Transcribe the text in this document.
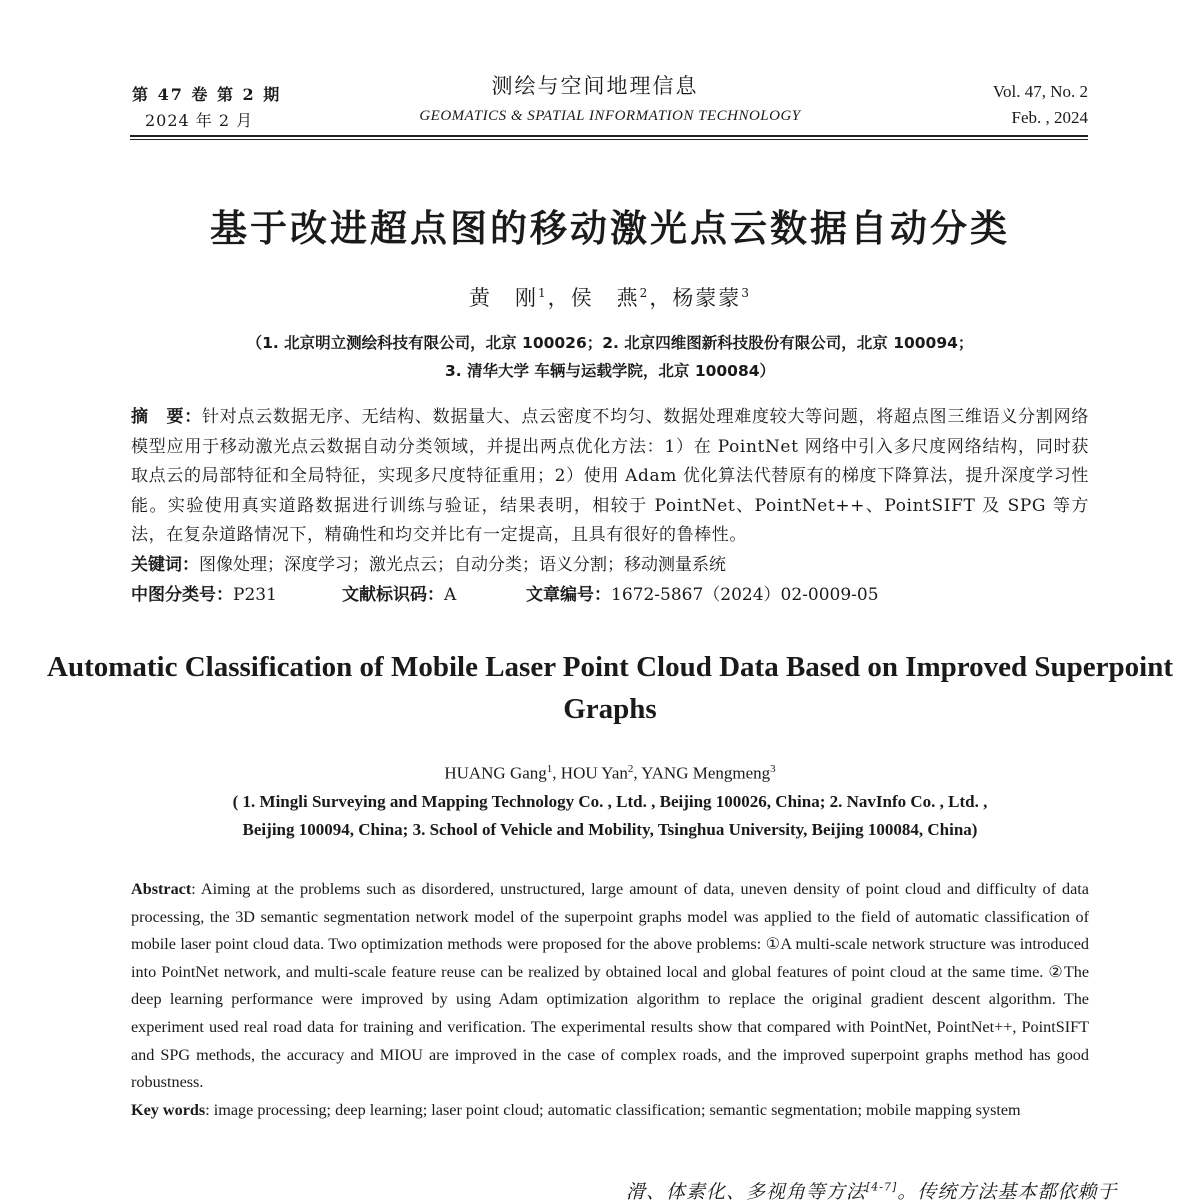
第 47 卷 第 2 期
2024 年 2 月
测绘与空间地理信息
GEOMATICS & SPATIAL INFORMATION TECHNOLOGY
Vol. 47, No. 2
Feb. , 2024
基于改进超点图的移动激光点云数据自动分类
黄　刚$^1$，侯　燕$^2$，杨蒙蒙$^3$
（1. 北京明立测绘科技有限公司，北京 100026；2. 北京四维图新科技股份有限公司，北京 100094；
3. 清华大学 车辆与运载学院，北京 100084）
摘　要：针对点云数据无序、无结构、数据量大、点云密度不均匀、数据处理难度较大等问题，将超点图三维语义分割网络模型应用于移动激光点云数据自动分类领域，并提出两点优化方法：1）在 PointNet 网络中引入多尺度网络结构，同时获取点云的局部特征和全局特征，实现多尺度特征重用；2）使用 Adam 优化算法代替原有的梯度下降算法，提升深度学习性能。实验使用真实道路数据进行训练与验证，结果表明，相较于 PointNet、PointNet++、PointSIFT 及 SPG 等方法，在复杂道路情况下，精确性和均交并比有一定提高，且具有很好的鲁棒性。
关键词：图像处理；深度学习；激光点云；自动分类；语义分割；移动测量系统
中图分类号：P231	文献标识码：A	文章编号：1672-5867（2024）02-0009-05
Automatic Classification of Mobile Laser Point Cloud Data Based on Improved Superpoint Graphs
HUANG Gang$^1$, HOU Yan$^2$, YANG Mengmeng$^3$
( 1. Mingli Surveying and Mapping Technology Co. , Ltd. , Beijing 100026, China; 2. NavInfo Co. , Ltd. ,
Beijing 100094, China; 3. School of Vehicle and Mobility, Tsinghua University, Beijing 100084, China)
Abstract: Aiming at the problems such as disordered, unstructured, large amount of data, uneven density of point cloud and difficulty of data processing, the 3D semantic segmentation network model of the superpoint graphs model was applied to the field of automatic classification of mobile laser point cloud data. Two optimization methods were proposed for the above problems: ①A multi-scale network structure was introduced into PointNet network, and multi-scale feature reuse can be realized by obtained local and global features of point cloud at the same time. ②The deep learning performance were improved by using Adam optimization algorithm to replace the original gradient descent algorithm. The experiment used real road data for training and verification. The experimental results show that compared with PointNet, PointNet++, PointSIFT and SPG methods, the accuracy and MIOU are improved in the case of complex roads, and the improved superpoint graphs method has good robustness.
Key words: image processing; deep learning; laser point cloud; automatic classification; semantic segmentation; mobile mapping system
滑、体素化、多视角等方法[4-7]。传统方法基本都依赖于
